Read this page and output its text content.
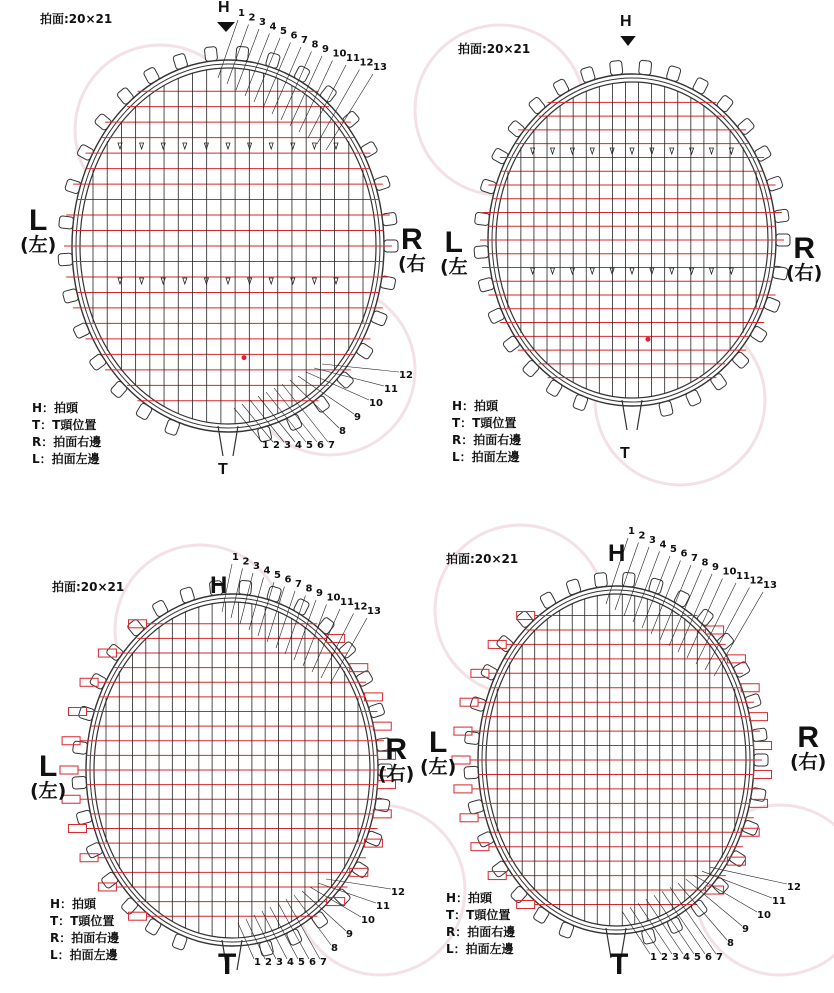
1 2 3 4 5 6 7 8 9 10 11 12 13
1 2 3 4 5 6 7
8
9
10
11
12
1 2 3 4 5 6 7 8 9 10 11 12 13
1 2 3 4 5 6 7
8
9
10
11
12
1 2 3 4 5 6 7 8 9 10 11 12 13
1 2 3 4 5 6 7
8
9
10
11
12
拍面:20×21
H
T
L
(左)	R
(右
H：拍頭
T：T頭位置
R：拍面右邊
L：拍面左邊
拍面:20×21
H
T
L
(左
R
(右)
H：拍頭
T：T頭位置
R：拍面右邊
L：拍面左邊
拍面:20×21	H
T
L
(左)
R
(右)
H：拍頭
T：T頭位置
R：拍面右邊
L：拍面左邊
拍面:20×21	H
T
L
(左)
R
(右)
H：拍頭
T：T頭位置
R：拍面右邊
L：拍面左邊
